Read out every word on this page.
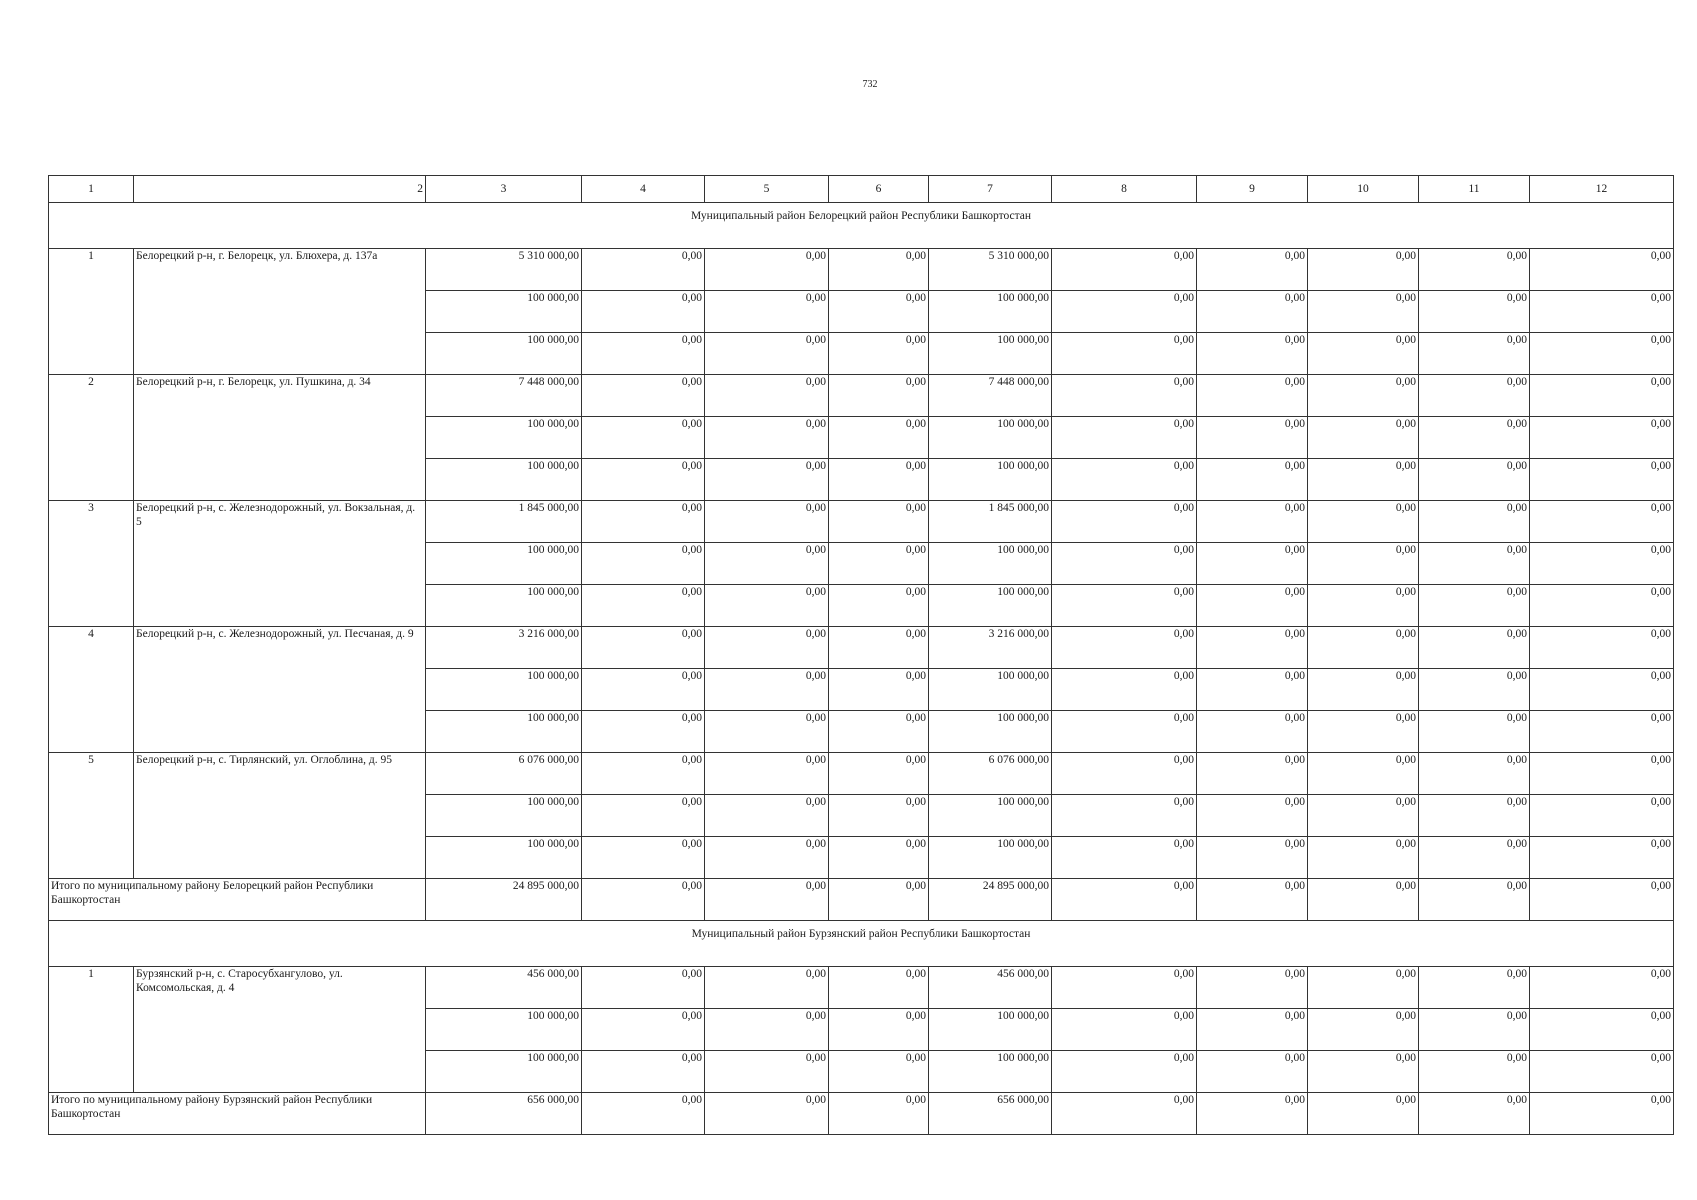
732
1	2	3	4	5	6	7	8	9	10	11	12
Муниципальный район Белорецкий район Республики Башкортостан											
1	Белорецкий р-н, г. Белорецк, ул. Блюхера, д. 137а	5 310 000,00	0,00	0,00	0,00	5 310 000,00	0,00	0,00	0,00	0,00	0,00
		100 000,00	0,00	0,00	0,00	100 000,00	0,00	0,00	0,00	0,00	0,00
		100 000,00	0,00	0,00	0,00	100 000,00	0,00	0,00	0,00	0,00	0,00
2	Белорецкий р-н, г. Белорецк, ул. Пушкина, д. 34	7 448 000,00	0,00	0,00	0,00	7 448 000,00	0,00	0,00	0,00	0,00	0,00
		100 000,00	0,00	0,00	0,00	100 000,00	0,00	0,00	0,00	0,00	0,00
		100 000,00	0,00	0,00	0,00	100 000,00	0,00	0,00	0,00	0,00	0,00
3	Белорецкий р-н, с. Железнодорожный, ул. Вокзальная, д. 5	1 845 000,00	0,00	0,00	0,00	1 845 000,00	0,00	0,00	0,00	0,00	0,00
		100 000,00	0,00	0,00	0,00	100 000,00	0,00	0,00	0,00	0,00	0,00
		100 000,00	0,00	0,00	0,00	100 000,00	0,00	0,00	0,00	0,00	0,00
4	Белорецкий р-н, с. Железнодорожный, ул. Песчаная, д. 9	3 216 000,00	0,00	0,00	0,00	3 216 000,00	0,00	0,00	0,00	0,00	0,00
		100 000,00	0,00	0,00	0,00	100 000,00	0,00	0,00	0,00	0,00	0,00
		100 000,00	0,00	0,00	0,00	100 000,00	0,00	0,00	0,00	0,00	0,00
5	Белорецкий р-н, с. Тирлянский, ул. Оглоблина, д. 95	6 076 000,00	0,00	0,00	0,00	6 076 000,00	0,00	0,00	0,00	0,00	0,00
		100 000,00	0,00	0,00	0,00	100 000,00	0,00	0,00	0,00	0,00	0,00
		100 000,00	0,00	0,00	0,00	100 000,00	0,00	0,00	0,00	0,00	0,00
Итого по муниципальному району Белорецкий район Республики Башкортостан		24 895 000,00	0,00	0,00	0,00	24 895 000,00	0,00	0,00	0,00	0,00	0,00
Муниципальный район Бурзянский район Республики Башкортостан											
1	Бурзянский р-н, с. Старосубхангулово, ул. Комсомольская, д. 4	456 000,00	0,00	0,00	0,00	456 000,00	0,00	0,00	0,00	0,00	0,00
		100 000,00	0,00	0,00	0,00	100 000,00	0,00	0,00	0,00	0,00	0,00
		100 000,00	0,00	0,00	0,00	100 000,00	0,00	0,00	0,00	0,00	0,00
Итого по муниципальному району Бурзянский район Республики Башкортостан		656 000,00	0,00	0,00	0,00	656 000,00	0,00	0,00	0,00	0,00	0,00
